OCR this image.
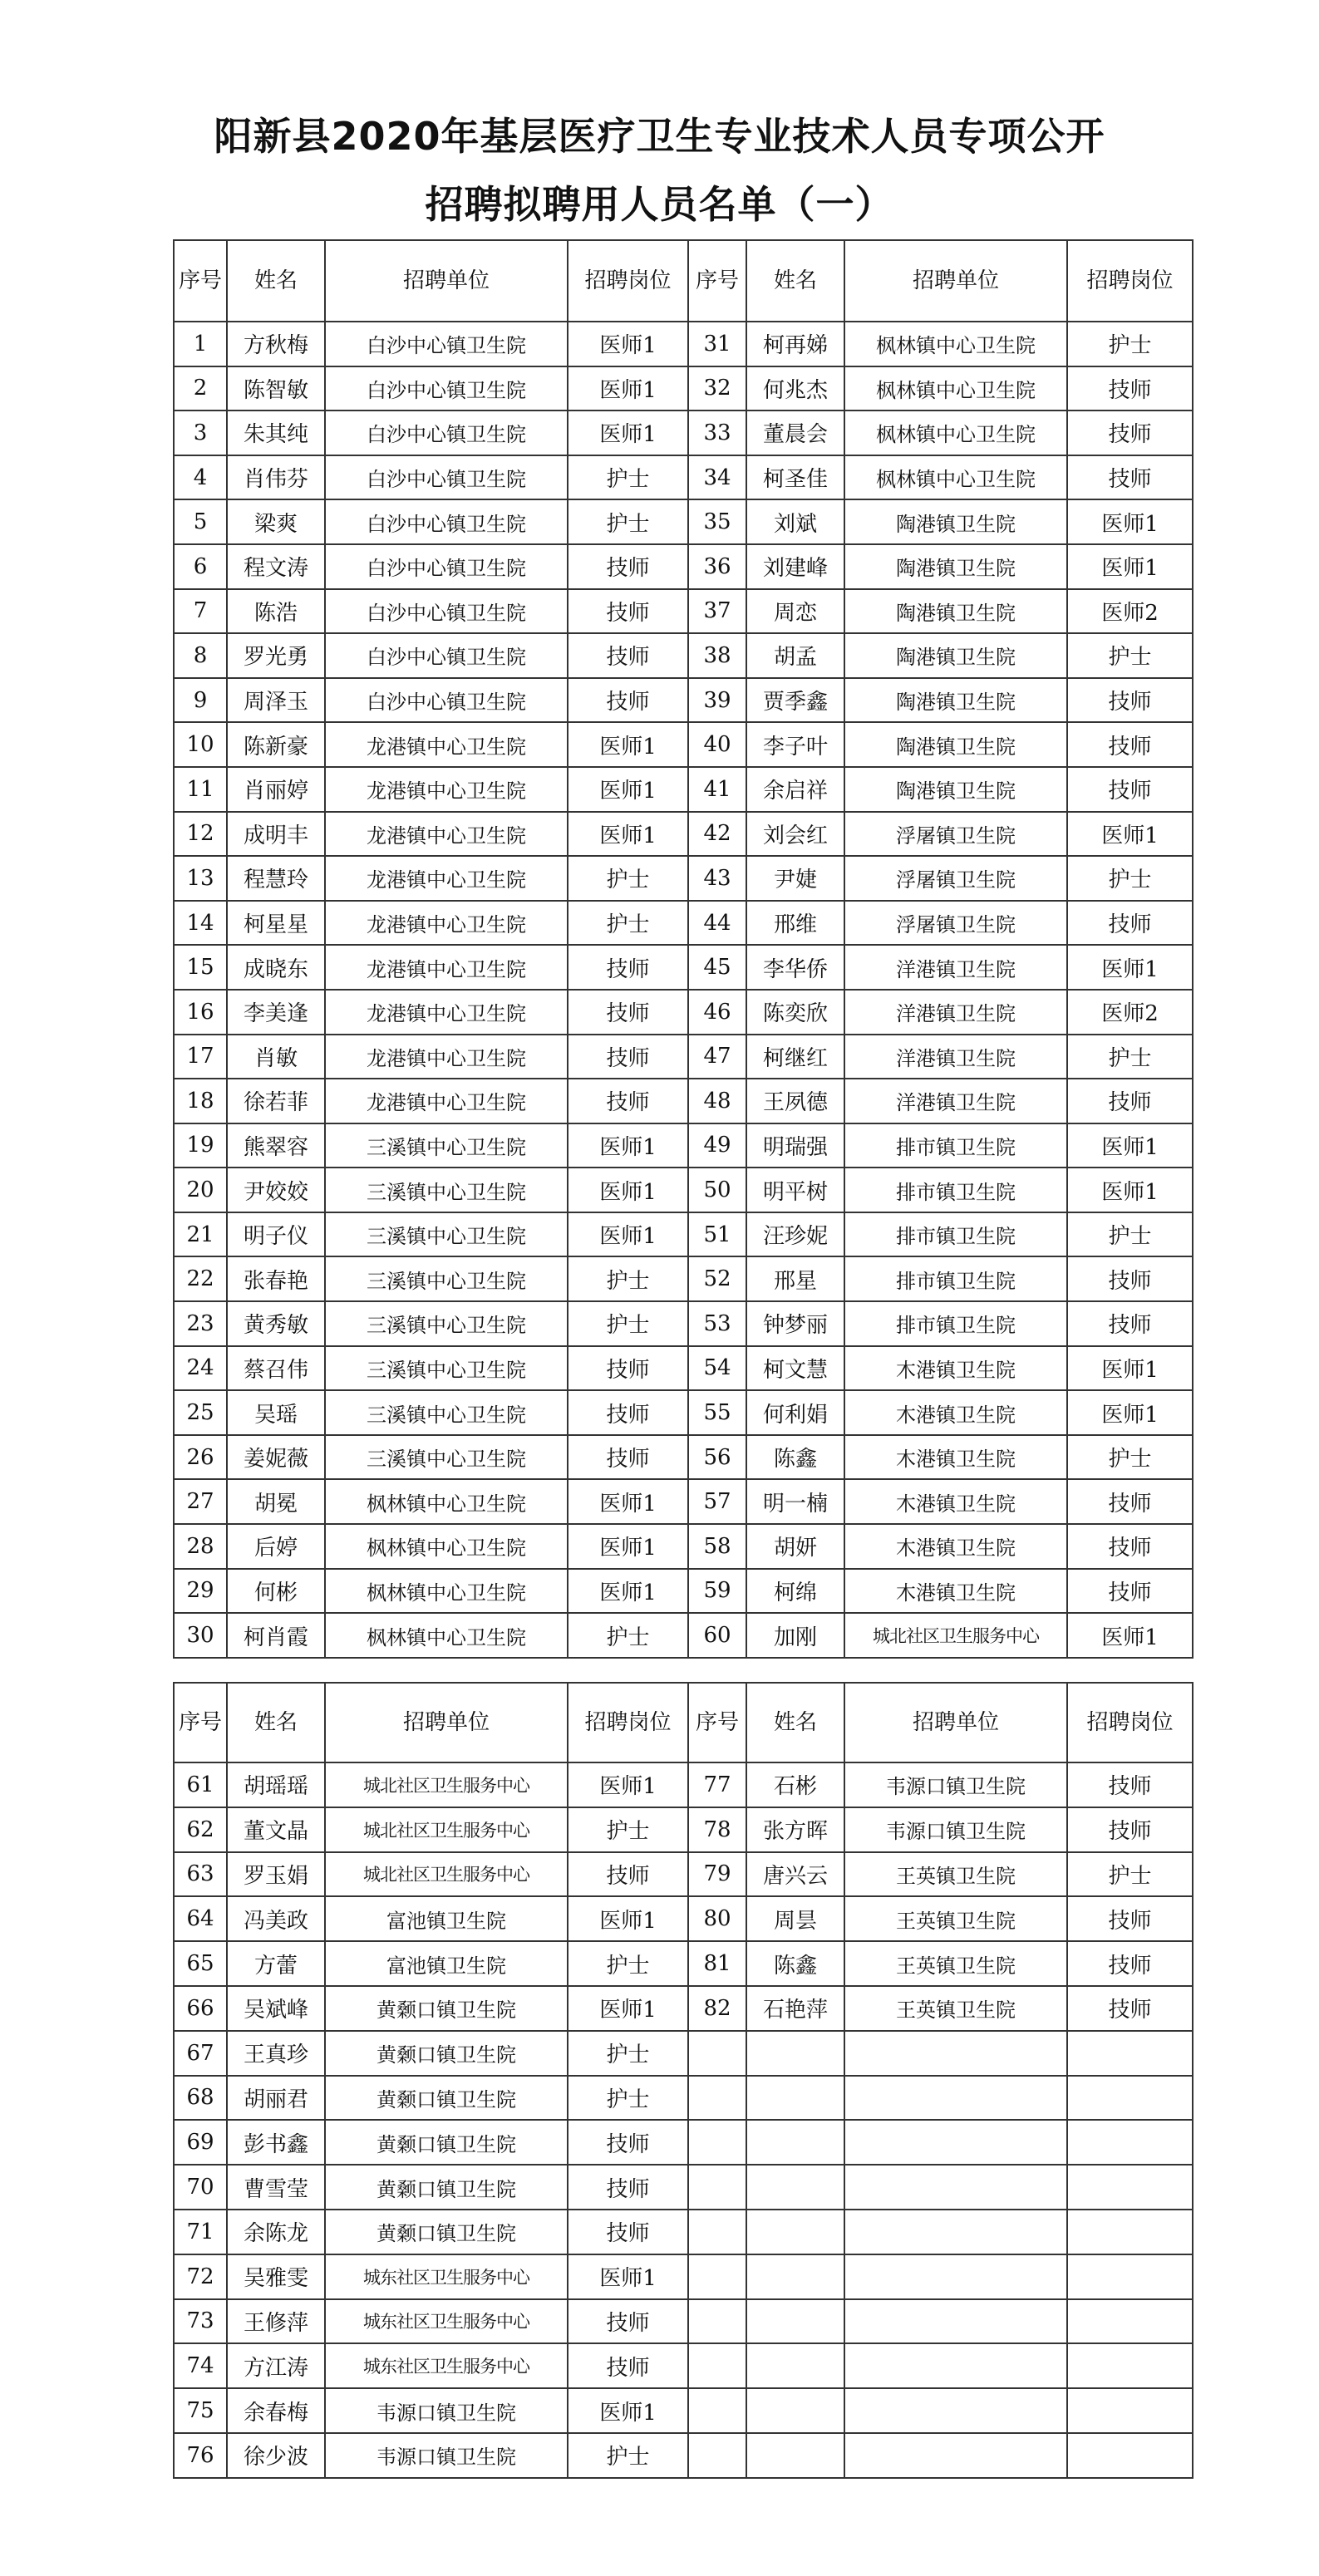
阳新县2020年基层医疗卫生专业技术人员专项公开
招聘拟聘用人员名单（一）
序号	姓名	招聘单位	招聘岗位	序号	姓名	招聘单位	招聘岗位
1	方秋梅	白沙中心镇卫生院	医师1	31	柯再娣	枫林镇中心卫生院	护士
2	陈智敏	白沙中心镇卫生院	医师1	32	何兆杰	枫林镇中心卫生院	技师
3	朱其纯	白沙中心镇卫生院	医师1	33	董晨会	枫林镇中心卫生院	技师
4	肖伟芬	白沙中心镇卫生院	护士	34	柯圣佳	枫林镇中心卫生院	技师
5	梁爽	白沙中心镇卫生院	护士	35	刘斌	陶港镇卫生院	医师1
6	程文涛	白沙中心镇卫生院	技师	36	刘建峰	陶港镇卫生院	医师1
7	陈浩	白沙中心镇卫生院	技师	37	周恋	陶港镇卫生院	医师2
8	罗光勇	白沙中心镇卫生院	技师	38	胡孟	陶港镇卫生院	护士
9	周泽玉	白沙中心镇卫生院	技师	39	贾季鑫	陶港镇卫生院	技师
10	陈新豪	龙港镇中心卫生院	医师1	40	李子叶	陶港镇卫生院	技师
11	肖丽婷	龙港镇中心卫生院	医师1	41	余启祥	陶港镇卫生院	技师
12	成明丰	龙港镇中心卫生院	医师1	42	刘会红	浮屠镇卫生院	医师1
13	程慧玲	龙港镇中心卫生院	护士	43	尹婕	浮屠镇卫生院	护士
14	柯星星	龙港镇中心卫生院	护士	44	邢维	浮屠镇卫生院	技师
15	成晓东	龙港镇中心卫生院	技师	45	李华侨	洋港镇卫生院	医师1
16	李美逢	龙港镇中心卫生院	技师	46	陈奕欣	洋港镇卫生院	医师2
17	肖敏	龙港镇中心卫生院	技师	47	柯继红	洋港镇卫生院	护士
18	徐若菲	龙港镇中心卫生院	技师	48	王夙德	洋港镇卫生院	技师
19	熊翠容	三溪镇中心卫生院	医师1	49	明瑞强	排市镇卫生院	医师1
20	尹姣姣	三溪镇中心卫生院	医师1	50	明平树	排市镇卫生院	医师1
21	明子仪	三溪镇中心卫生院	医师1	51	汪珍妮	排市镇卫生院	护士
22	张春艳	三溪镇中心卫生院	护士	52	邢星	排市镇卫生院	技师
23	黄秀敏	三溪镇中心卫生院	护士	53	钟梦丽	排市镇卫生院	技师
24	蔡召伟	三溪镇中心卫生院	技师	54	柯文慧	木港镇卫生院	医师1
25	吴瑶	三溪镇中心卫生院	技师	55	何利娟	木港镇卫生院	医师1
26	姜妮薇	三溪镇中心卫生院	技师	56	陈鑫	木港镇卫生院	护士
27	胡冕	枫林镇中心卫生院	医师1	57	明一楠	木港镇卫生院	技师
28	后婷	枫林镇中心卫生院	医师1	58	胡妍	木港镇卫生院	技师
29	何彬	枫林镇中心卫生院	医师1	59	柯绵	木港镇卫生院	技师
30	柯肖霞	枫林镇中心卫生院	护士	60	加刚	城北社区卫生服务中心	医师1
序号	姓名	招聘单位	招聘岗位	序号	姓名	招聘单位	招聘岗位
61	胡瑶瑶	城北社区卫生服务中心	医师1	77	石彬	韦源口镇卫生院	技师
62	董文晶	城北社区卫生服务中心	护士	78	张方晖	韦源口镇卫生院	技师
63	罗玉娟	城北社区卫生服务中心	技师	79	唐兴云	王英镇卫生院	护士
64	冯美政	富池镇卫生院	医师1	80	周昙	王英镇卫生院	技师
65	方蕾	富池镇卫生院	护士	81	陈鑫	王英镇卫生院	技师
66	吴斌峰	黄颡口镇卫生院	医师1	82	石艳萍	王英镇卫生院	技师
67	王真珍	黄颡口镇卫生院	护士				
68	胡丽君	黄颡口镇卫生院	护士				
69	彭书鑫	黄颡口镇卫生院	技师				
70	曹雪莹	黄颡口镇卫生院	技师				
71	余陈龙	黄颡口镇卫生院	技师				
72	吴雅雯	城东社区卫生服务中心	医师1				
73	王修萍	城东社区卫生服务中心	技师				
74	方江涛	城东社区卫生服务中心	技师				
75	余春梅	韦源口镇卫生院	医师1				
76	徐少波	韦源口镇卫生院	护士				
